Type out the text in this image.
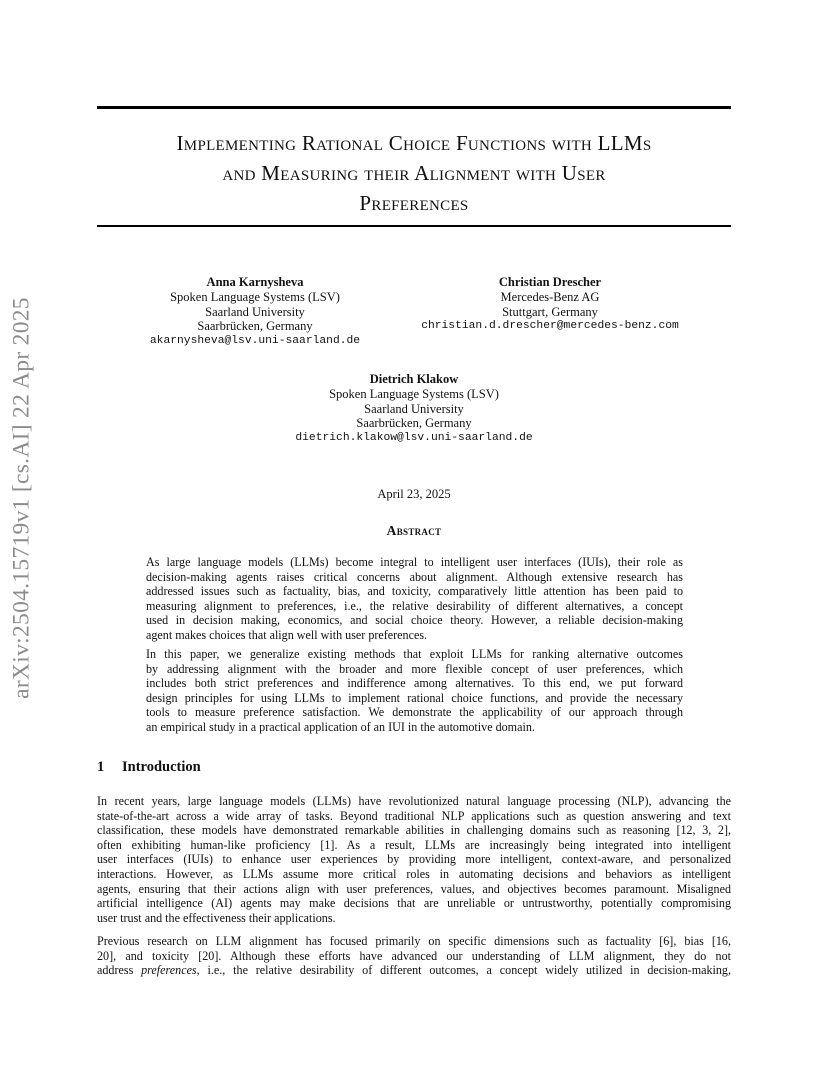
arXiv:2504.15719v1 [cs.AI] 22 Apr 2025
Implementing Rational Choice Functions with LLMs
and Measuring their Alignment with User
Preferences
Anna Karnysheva
Spoken Language Systems (LSV)
Saarland University
Saarbrücken, Germany
akarnysheva@lsv.uni-saarland.de
Christian Drescher
Mercedes-Benz AG
Stuttgart, Germany
christian.d.drescher@mercedes-benz.com
Dietrich Klakow
Spoken Language Systems (LSV)
Saarland University
Saarbrücken, Germany
dietrich.klakow@lsv.uni-saarland.de
April 23, 2025
Abstract
As large language models (LLMs) become integral to intelligent user interfaces (IUIs), their role as
decision-making agents raises critical concerns about alignment. Although extensive research has
addressed issues such as factuality, bias, and toxicity, comparatively little attention has been paid to
measuring alignment to preferences, i.e., the relative desirability of different alternatives, a concept
used in decision making, economics, and social choice theory. However, a reliable decision-making
agent makes choices that align well with user preferences.
In this paper, we generalize existing methods that exploit LLMs for ranking alternative outcomes
by addressing alignment with the broader and more flexible concept of user preferences, which
includes both strict preferences and indifference among alternatives. To this end, we put forward
design principles for using LLMs to implement rational choice functions, and provide the necessary
tools to measure preference satisfaction. We demonstrate the applicability of our approach through
an empirical study in a practical application of an IUI in the automotive domain.
1 Introduction
In recent years, large language models (LLMs) have revolutionized natural language processing (NLP), advancing the
state-of-the-art across a wide array of tasks. Beyond traditional NLP applications such as question answering and text
classification, these models have demonstrated remarkable abilities in challenging domains such as reasoning [12, 3, 2],
often exhibiting human-like proficiency [1]. As a result, LLMs are increasingly being integrated into intelligent
user interfaces (IUIs) to enhance user experiences by providing more intelligent, context-aware, and personalized
interactions. However, as LLMs assume more critical roles in automating decisions and behaviors as intelligent
agents, ensuring that their actions align with user preferences, values, and objectives becomes paramount. Misaligned
artificial intelligence (AI) agents may make decisions that are unreliable or untrustworthy, potentially compromising
user trust and the effectiveness their applications.
Previous research on LLM alignment has focused primarily on specific dimensions such as factuality [6], bias [16,
20], and toxicity [20]. Although these efforts have advanced our understanding of LLM alignment, they do not
address preferences, i.e., the relative desirability of different outcomes, a concept widely utilized in decision-making,
